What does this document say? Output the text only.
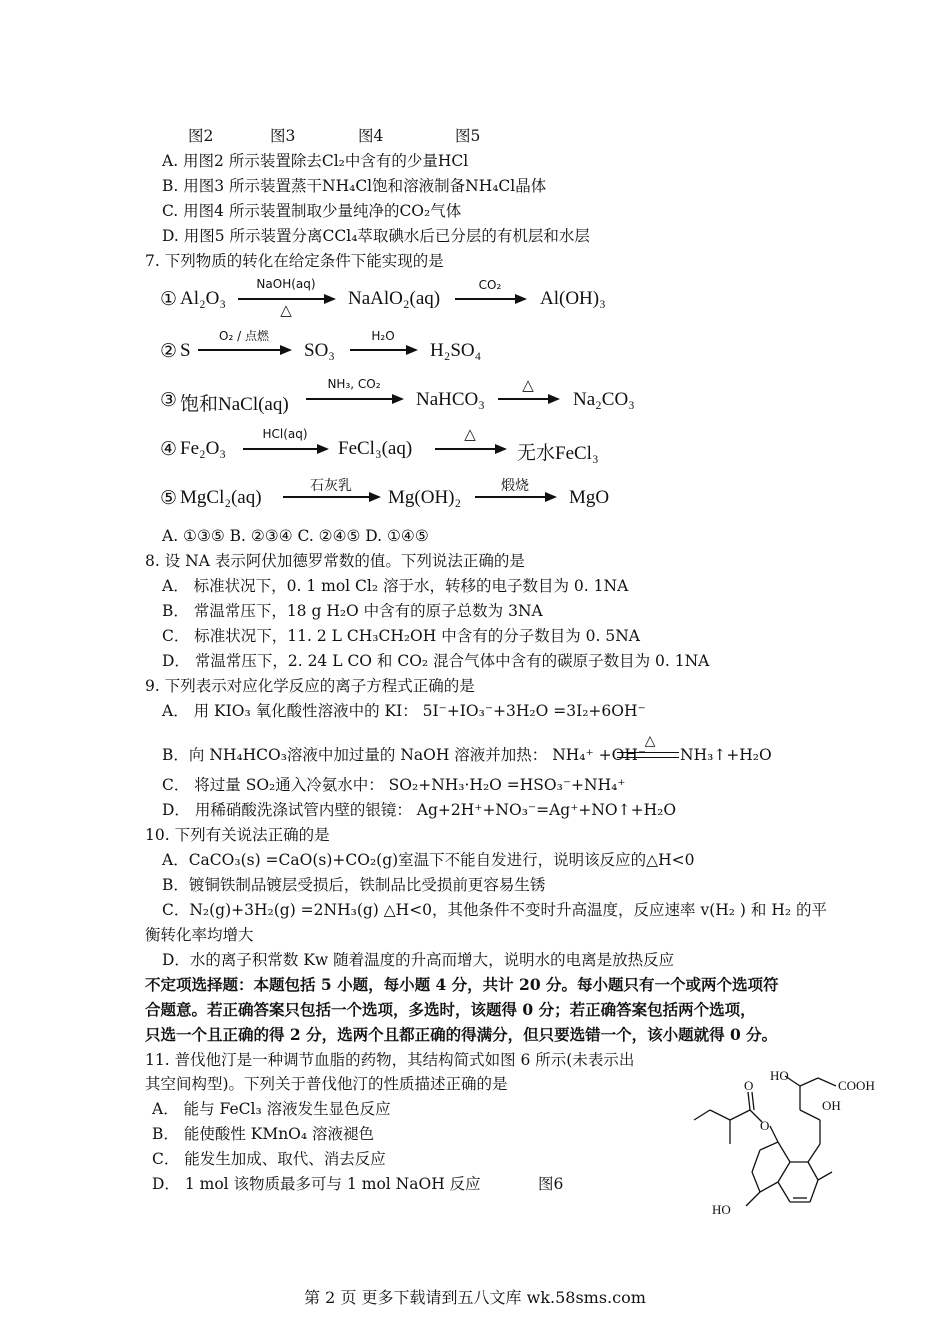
图2	图3	图4	图5
A. 用图2 所示装置除去Cl₂中含有的少量HCl
B. 用图3 所示装置蒸干NH₄Cl饱和溶液制备NH₄Cl晶体
C. 用图4 所示装置制取少量纯净的CO₂气体
D. 用图5 所示装置分离CCl₄萃取碘水后已分层的有机层和水层
7. 下列物质的转化在给定条件下能实现的是
① Al₂O₃
NaOH(aq)
△
NaAlO₂(aq)
CO₂
Al(OH)₃
② S
O₂ / 点燃
SO₃
H₂O
H₂SO₄
③ 饱和NaCl(aq)
NH₃, CO₂
NaHCO₃
△
Na₂CO₃
④ Fe₂O₃
HCl(aq)
FeCl₃(aq)
△
无水FeCl₃
⑤ MgCl₂(aq)
石灰乳
Mg(OH)₂
煅烧
MgO
A. ①③⑤ B. ②③④ C. ②④⑤ D. ①④⑤
8. 设 NA 表示阿伏加德罗常数的值。下列说法正确的是
A． 标准状况下，0. 1 mol Cl₂ 溶于水，转移的电子数目为 0. 1NA
B． 常温常压下，18 g H₂O 中含有的原子总数为 3NA
C． 标准状况下，11. 2 L CH₃CH₂OH 中含有的分子数目为 0. 5NA
D． 常温常压下，2. 24 L CO 和 CO₂ 混合气体中含有的碳原子数目为 0. 1NA
9. 下列表示对应化学反应的离子方程式正确的是
A． 用 KIO₃ 氧化酸性溶液中的 KI： 5I⁻+IO₃⁻+3H₂O =3I₂+6OH⁻
B．向 NH₄HCO₃溶液中加过量的 NaOH 溶液并加热： NH₄⁺ +OH⁻
△
NH₃↑+H₂O
C． 将过量 SO₂通入冷氨水中： SO₂+NH₃·H₂O =HSO₃⁻+NH₄⁺
D． 用稀硝酸洗涤试管内壁的银镜： Ag+2H⁺+NO₃⁻=Ag⁺+NO↑+H₂O
10. 下列有关说法正确的是
A．CaCO₃(s) =CaO(s)+CO₂(g)室温下不能自发进行，说明该反应的△H<0
B．镀铜铁制品镀层受损后，铁制品比受损前更容易生锈
C．N₂(g)+3H₂(g) =2NH₃(g) △H<0，其他条件不变时升高温度，反应速率 v(H₂ ) 和 H₂ 的平
衡转化率均增大
D．水的离子积常数 Kw 随着温度的升高而增大，说明水的电离是放热反应
不定项选择题：本题包括 5 小题，每小题 4 分，共计 20 分。每小题只有一个或两个选项符
合题意。若正确答案只包括一个选项，多选时，该题得 0 分；若正确答案包括两个选项，
只选一个且正确的得 2 分，选两个且都正确的得满分，但只要选错一个，该小题就得 0 分。
11. 普伐他汀是一种调节血脂的药物，其结构简式如图 6 所示(未表示出
其空间构型)。下列关于普伐他汀的性质描述正确的是
A． 能与 FeCl₃ 溶液发生显色反应
B． 能使酸性 KMnO₄ 溶液褪色
C． 能发生加成、取代、消去反应
D． 1 mol 该物质最多可与 1 mol NaOH 反应	图6
HO
COOH
OH
O
O
HO
第 2 页 更多下载请到五八文库 wk.58sms.com
